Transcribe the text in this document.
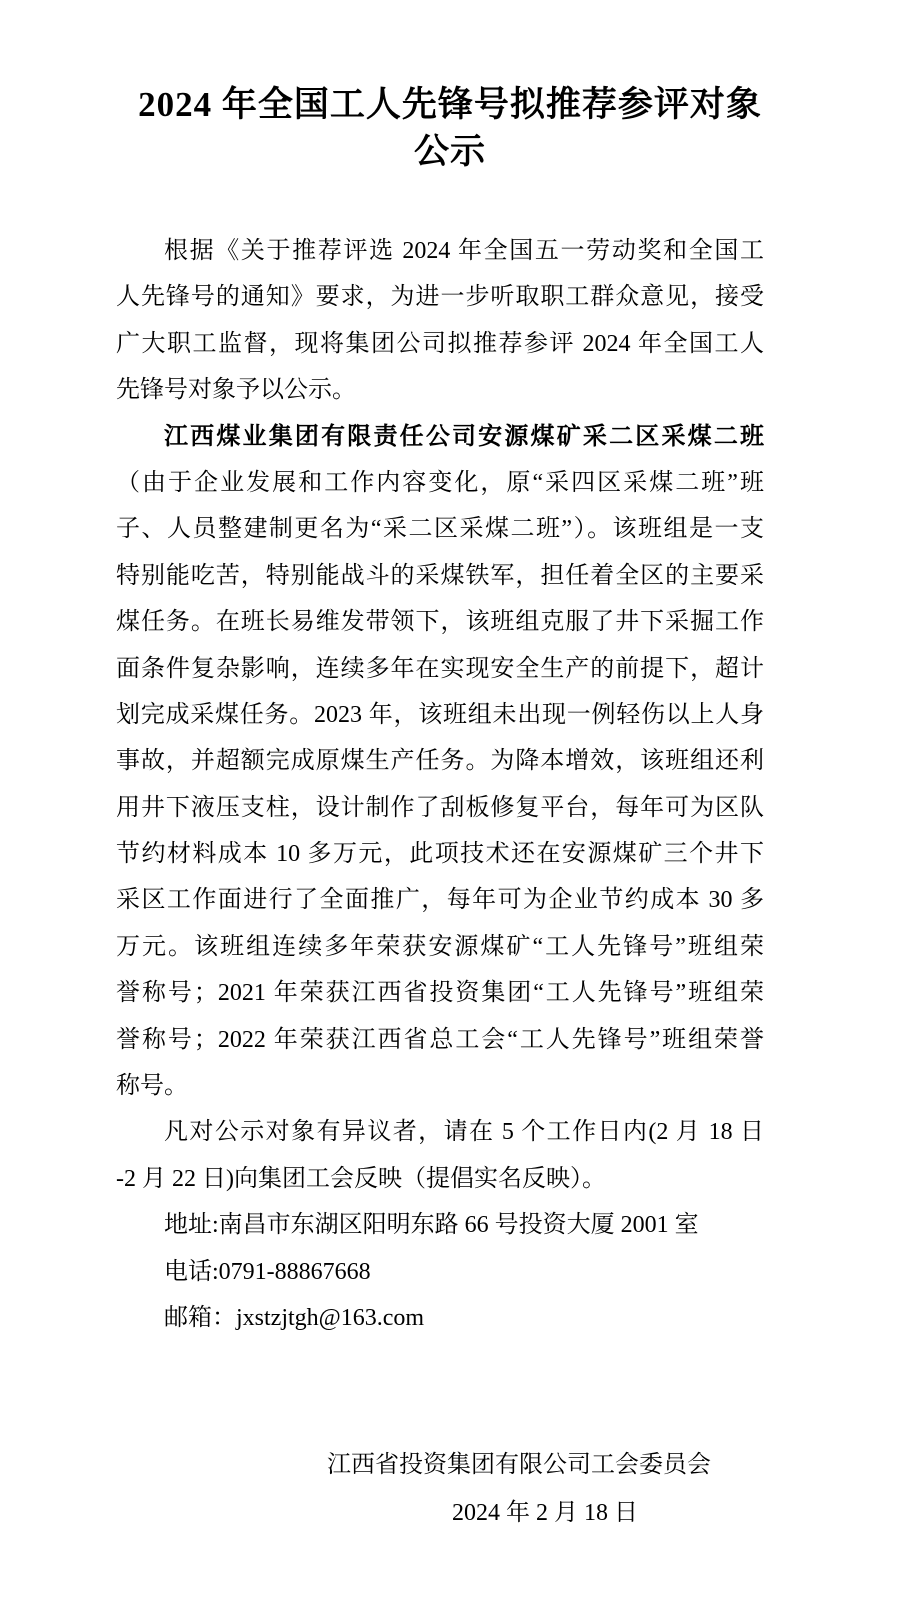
2024 年全国工人先锋号拟推荐参评对象
公示
根据《关于推荐评选 2024 年全国五一劳动奖和全国工
人先锋号的通知》要求，为进一步听取职工群众意见，接受
广大职工监督，现将集团公司拟推荐参评 2024 年全国工人
先锋号对象予以公示。
江西煤业集团有限责任公司安源煤矿采二区采煤二班
（由于企业发展和工作内容变化，原“采四区采煤二班”班
子、人员整建制更名为“采二区采煤二班”）。该班组是一支
特别能吃苦，特别能战斗的采煤铁军，担任着全区的主要采
煤任务。在班长易维发带领下，该班组克服了井下采掘工作
面条件复杂影响，连续多年在实现安全生产的前提下，超计
划完成采煤任务。2023 年，该班组未出现一例轻伤以上人身
事故，并超额完成原煤生产任务。为降本增效，该班组还利
用井下液压支柱，设计制作了刮板修复平台，每年可为区队
节约材料成本 10 多万元，此项技术还在安源煤矿三个井下
采区工作面进行了全面推广，每年可为企业节约成本 30 多
万元。该班组连续多年荣获安源煤矿“工人先锋号”班组荣
誉称号；2021 年荣获江西省投资集团“工人先锋号”班组荣
誉称号；2022 年荣获江西省总工会“工人先锋号”班组荣誉
称号。
凡对公示对象有异议者，请在 5 个工作日内(2 月 18 日
-2 月 22 日)向集团工会反映（提倡实名反映）。
地址:南昌市东湖区阳明东路 66 号投资大厦 2001 室
电话:0791-88867668
邮箱：jxstzjtgh@163.com
江西省投资集团有限公司工会委员会
2024 年 2 月 18 日
